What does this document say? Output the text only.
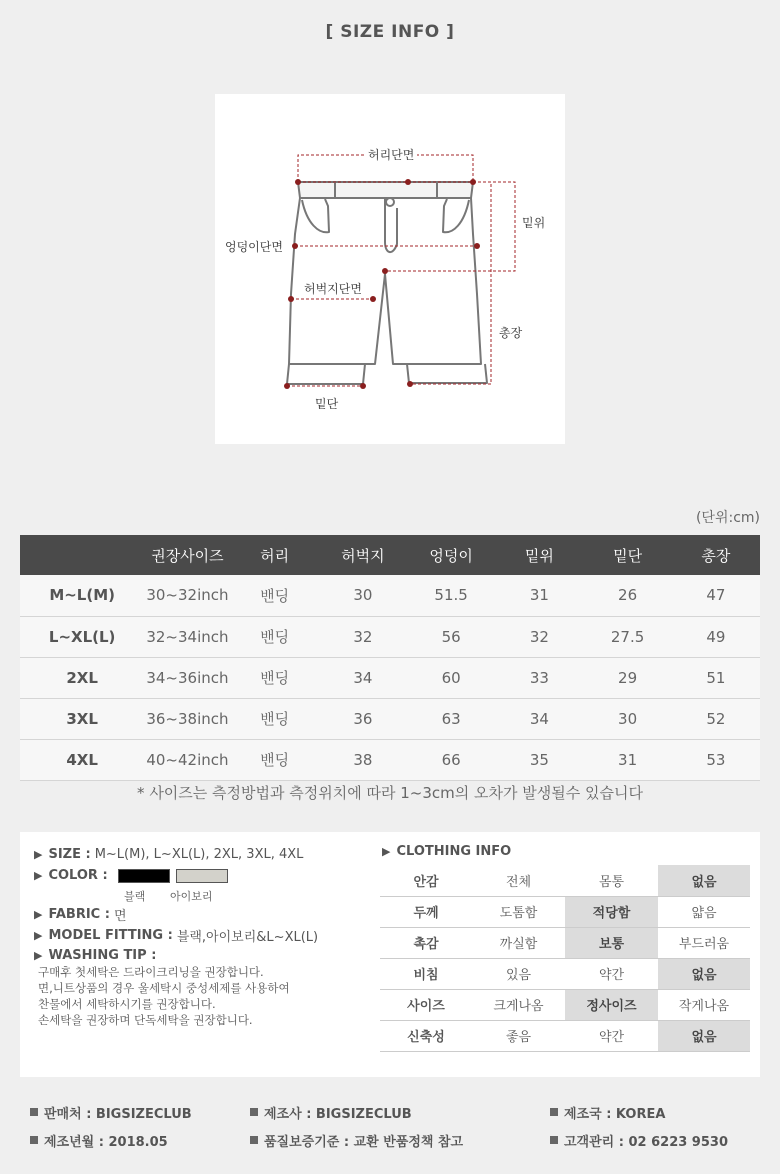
[ SIZE INFO ]
허리단면
밑위
엉덩이단면
허벅지단면
총장
밑단
(단위:cm)
	권장사이즈	허리	허벅지	엉덩이	밑위	밑단	총장
M~L(M)	30~32inch	밴딩	30	51.5	31	26	47
L~XL(L)	32~34inch	밴딩	32	56	32	27.5	49
2XL	34~36inch	밴딩	34	60	33	29	51
3XL	36~38inch	밴딩	36	63	34	30	52
4XL	40~42inch	밴딩	38	66	35	31	53
* 사이즈는 측정방법과 측정위치에 따라 1~3cm의 오차가 발생될수 있습니다
▶ SIZE : M~L(M), L~XL(L), 2XL, 3XL, 4XL
▶ COLOR :
블랙 아이보리
▶ FABRIC : 면
▶ MODEL FITTING : 블랙,아이보리&L~XL(L)
▶ WASHING TIP :
구매후 첫세탁은 드라이크리닝을 권장합니다.
면,니트상품의 경우 울세탁시 중성세제를 사용하여
찬물에서 세탁하시기를 권장합니다.
손세탁을 권장하며 단독세탁을 권장합니다.
▶ CLOTHING INFO
안감	전체	몸통	없음
두께	도톰함	적당함	얇음
촉감	까실함	보통	부드러움
비침	있음	약간	없음
사이즈	크게나옴	정사이즈	작게나옴
신축성	좋음	약간	없음
판매처 : BIGSIZECLUB	제조사 : BIGSIZECLUB	제조국 : KOREA
제조년월 : 2018.05	품질보증기준 : 교환 반품정책 참고	고객관리 : 02 6223 9530
